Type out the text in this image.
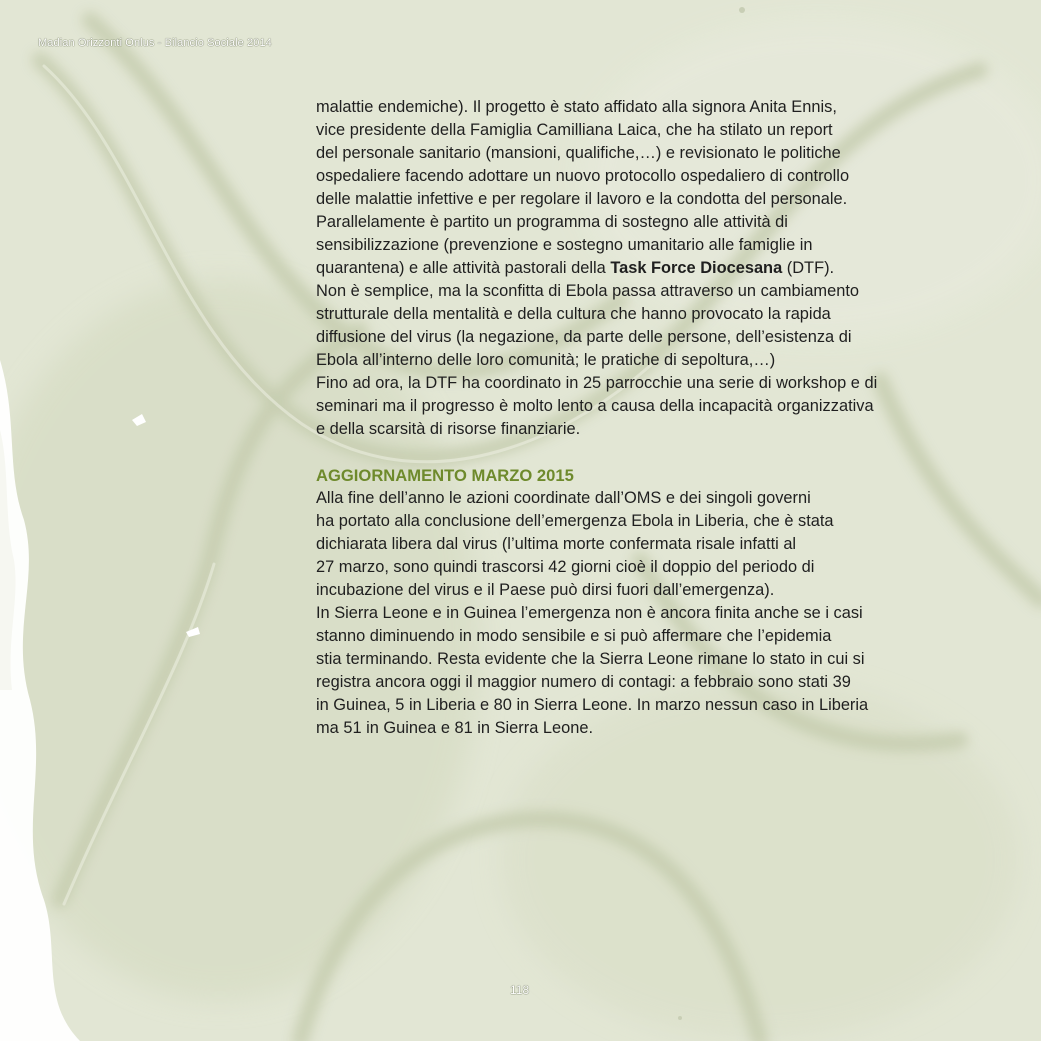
Madian Orizzonti Onlus - Bilancio Sociale 2014
malattie endemiche). Il progetto è stato affidato alla signora Anita Ennis,
vice presidente della Famiglia Camilliana Laica, che ha stilato un report
del personale sanitario (mansioni, qualifiche,…) e revisionato le politiche
ospedaliere facendo adottare un nuovo protocollo ospedaliero di controllo
delle malattie infettive e per regolare il lavoro e la condotta del personale.
Parallelamente è partito un programma di sostegno alle attività di
sensibilizzazione (prevenzione e sostegno umanitario alle famiglie in
quarantena) e alle attività pastorali della Task Force Diocesana (DTF).
Non è semplice, ma la sconfitta di Ebola passa attraverso un cambiamento
strutturale della mentalità e della cultura che hanno provocato la rapida
diffusione del virus (la negazione, da parte delle persone, dell’esistenza di
Ebola all’interno delle loro comunità; le pratiche di sepoltura,…)
Fino ad ora, la DTF ha coordinato in 25 parrocchie una serie di workshop e di
seminari ma il progresso è molto lento a causa della incapacità organizzativa
e della scarsità di risorse finanziarie.
AGGIORNAMENTO MARZO 2015
Alla fine dell’anno le azioni coordinate dall’OMS e dei singoli governi
ha portato alla conclusione dell’emergenza Ebola in Liberia, che è stata
dichiarata libera dal virus (l’ultima morte confermata risale infatti al
27 marzo, sono quindi trascorsi 42 giorni cioè il doppio del periodo di
incubazione del virus e il Paese può dirsi fuori dall’emergenza).
In Sierra Leone e in Guinea l’emergenza non è ancora finita anche se i casi
stanno diminuendo in modo sensibile e si può affermare che l’epidemia
stia terminando. Resta evidente che la Sierra Leone rimane lo stato in cui si
registra ancora oggi il maggior numero di contagi: a febbraio sono stati 39
in Guinea, 5 in Liberia e 80 in Sierra Leone. In marzo nessun caso in Liberia
ma 51 in Guinea e 81 in Sierra Leone.
118
